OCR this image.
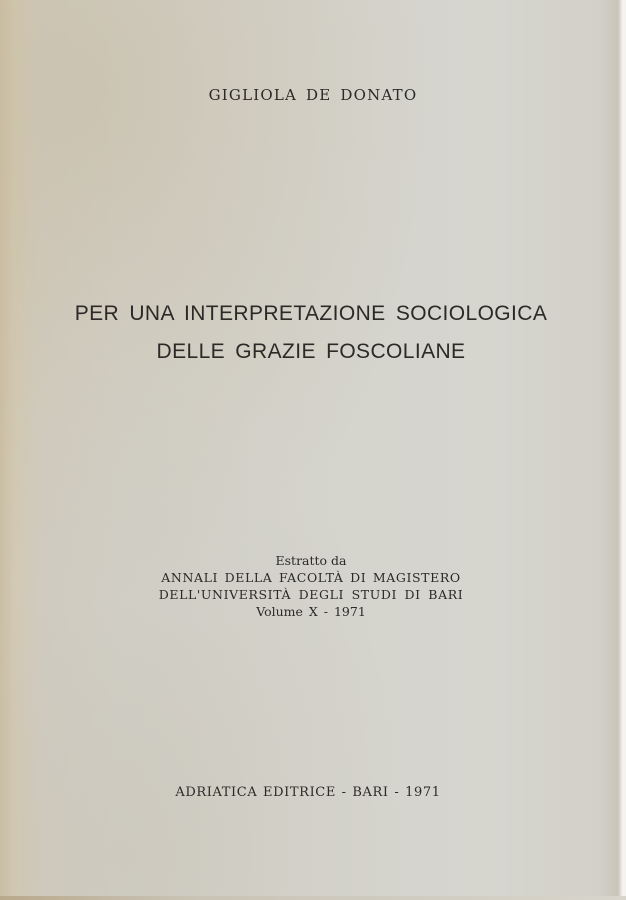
GIGLIOLA DE DONATO
PER UNA INTERPRETAZIONE SOCIOLOGICA
DELLE GRAZIE FOSCOLIANE
Estratto da
ANNALI DELLA FACOLTÀ DI MAGISTERO
DELL'UNIVERSITÀ DEGLI STUDI DI BARI
Volume X - 1971
ADRIATICA EDITRICE - BARI - 1971
